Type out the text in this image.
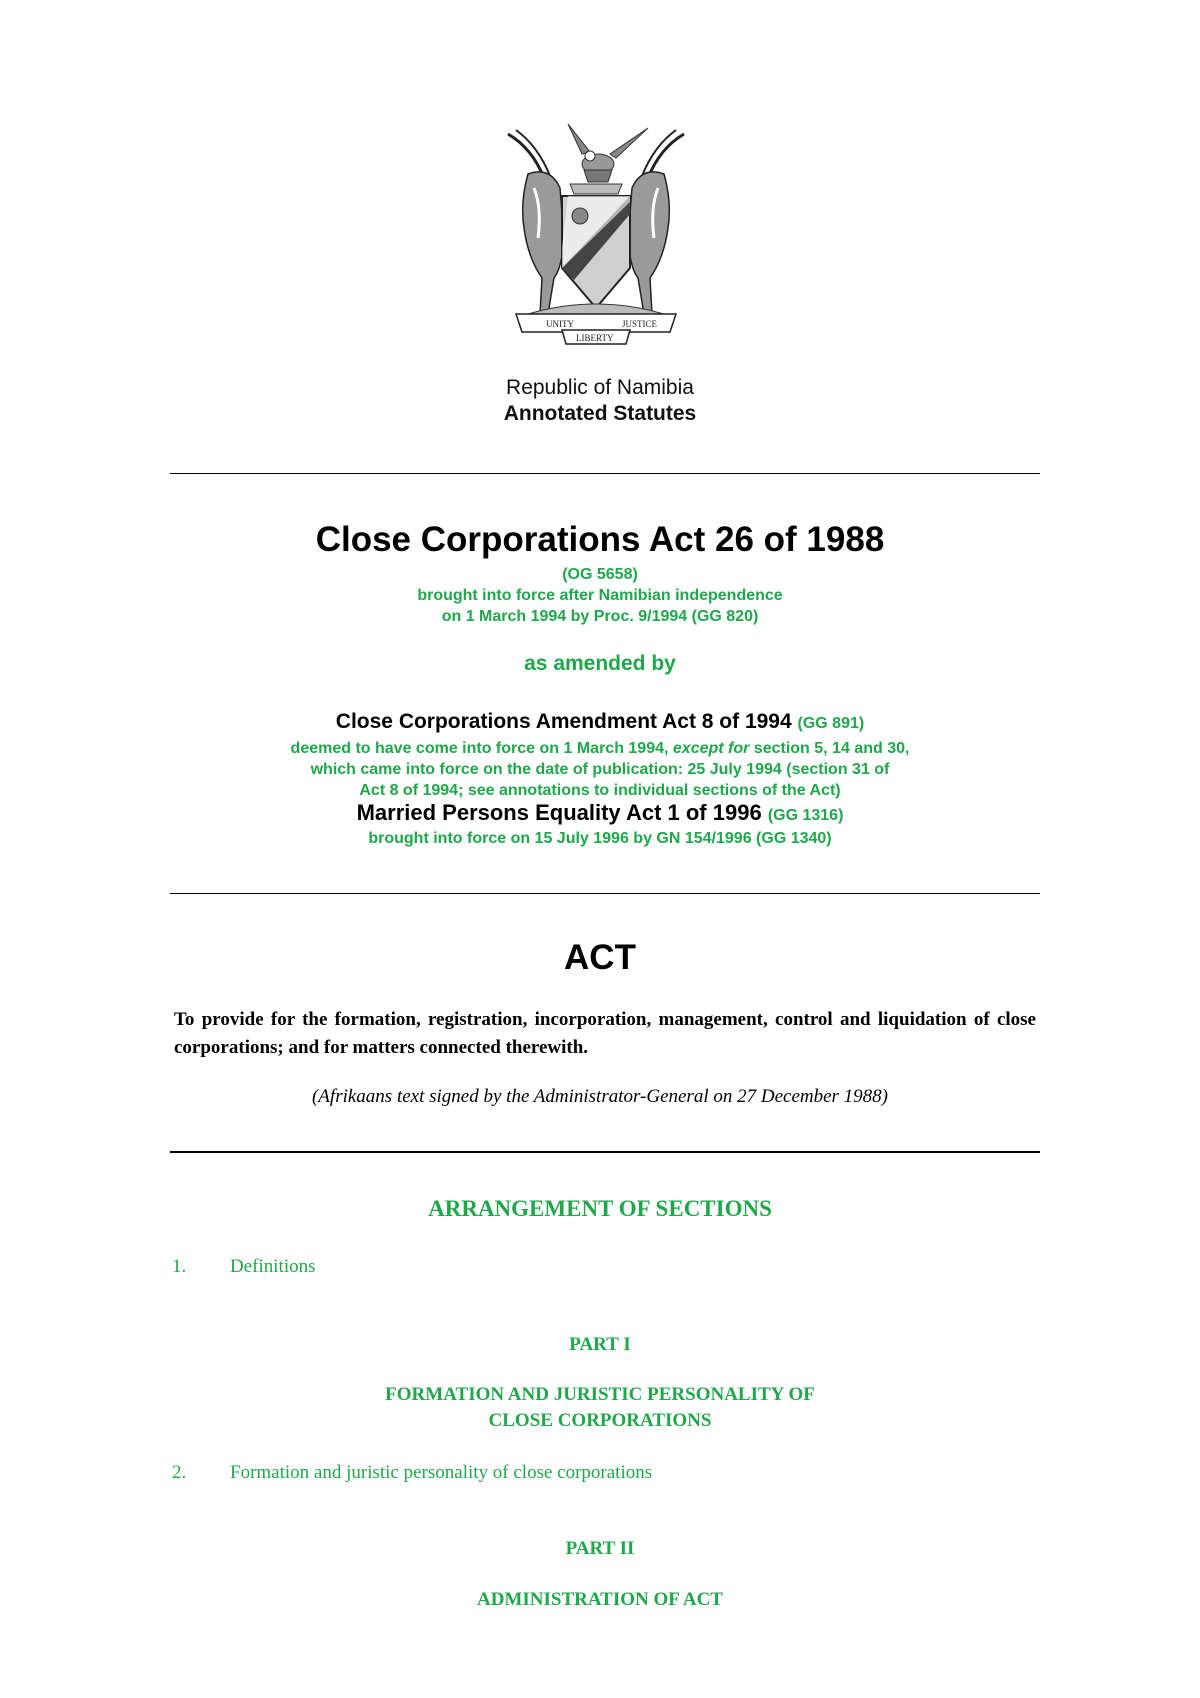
UNITY	JUSTICE
LIBERTY
Republic of Namibia
Annotated Statutes
Close Corporations Act 26 of 1988
(OG 5658)
brought into force after Namibian independence
on 1 March 1994 by Proc. 9/1994 (GG 820)
as amended by
Close Corporations Amendment Act 8 of 1994 (GG 891)
deemed to have come into force on 1 March 1994, except for section 5, 14 and 30,
which came into force on the date of publication: 25 July 1994 (section 31 of
Act 8 of 1994; see annotations to individual sections of the Act)
Married Persons Equality Act 1 of 1996 (GG 1316)
brought into force on 15 July 1996 by GN 154/1996 (GG 1340)
ACT
To provide for the formation, registration, incorporation, management, control and liquidation of close corporations; and for matters connected therewith.
(Afrikaans text signed by the Administrator-General on 27 December 1988)
ARRANGEMENT OF SECTIONS
1. Definitions
PART I
FORMATION AND JURISTIC PERSONALITY OF
CLOSE CORPORATIONS
2. Formation and juristic personality of close corporations
PART II
ADMINISTRATION OF ACT
